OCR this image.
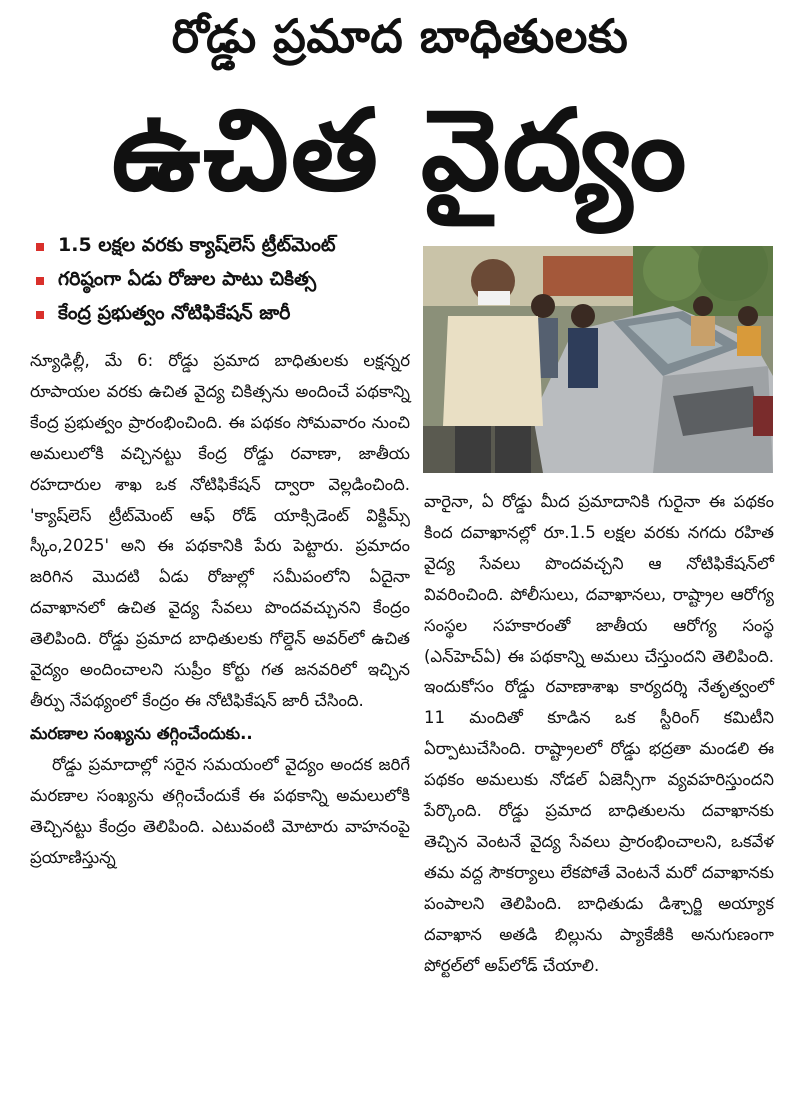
రోడ్డు ప్రమాద బాధితులకు
ఉచిత వైద్యం
1.5 లక్షల వరకు క్యాష్‌లెస్ ట్రీట్‌మెంట్
గరిష్ఠంగా ఏడు రోజుల పాటు చికిత్స
కేంద్ర ప్రభుత్వం నోటిఫికేషన్ జారీ

న్యూఢిల్లీ, మే 6: రోడ్డు ప్రమాద బాధితులకు లక్షన్నర రూపాయల వరకు ఉచిత వైద్య చికిత్సను అందించే పథకాన్ని కేంద్ర ప్రభుత్వం ప్రారంభించింది. ఈ పథకం సోమవారం నుంచి అమలులోకి వచ్చినట్టు కేంద్ర రోడ్డు రవాణా, జాతీయ రహదారుల శాఖ ఒక నోటిఫికేషన్ ద్వారా వెల్లడించింది. 'క్యాష్‌లెస్ ట్రీట్‌మెంట్ ఆఫ్ రోడ్ యాక్సిడెంట్ విక్టిమ్స్ స్కీం,2025' అని ఈ పథకానికి పేరు పెట్టారు. ప్రమాదం జరిగిన మొదటి ఏడు రోజుల్లో సమీపంలోని ఏదైనా దవాఖానలో ఉచిత వైద్య సేవలు పొందవచ్చునని కేంద్రం తెలిపింది. రోడ్డు ప్రమాద బాధితులకు గోల్డెన్ అవర్‌లో ఉచిత వైద్యం అందించాలని సుప్రీం కోర్టు గత జనవరిలో ఇచ్చిన తీర్పు నేపథ్యంలో కేంద్రం ఈ నోటిఫికేషన్ జారీ చేసింది.

మరణాల సంఖ్యను తగ్గించేందుకు..

రోడ్డు ప్రమాదాల్లో సరైన సమయంలో వైద్యం అందక జరిగే మరణాల సంఖ్యను తగ్గించేందుకే ఈ పథకాన్ని అమలులోకి తెచ్చినట్టు కేంద్రం తెలిపింది. ఎటువంటి మోటారు వాహనంపై ప్రయాణిస్తున్న

వారైనా, ఏ రోడ్డు మీద ప్రమాదానికి గురైనా ఈ పథకం కింద దవాఖానల్లో రూ.1.5 లక్షల వరకు నగదు రహిత వైద్య సేవలు పొందవచ్చని ఆ నోటిఫికేషన్‌లో వివరించింది. పోలీసులు, దవాఖానలు, రాష్ట్రాల ఆరోగ్య సంస్థల సహకారంతో జాతీయ ఆరోగ్య సంస్థ (ఎన్‌హెచ్ఏ) ఈ పథకాన్ని అమలు చేస్తుందని తెలిపింది. ఇందుకోసం రోడ్డు రవాణాశాఖ కార్యదర్శి నేతృత్వంలో 11 మందితో కూడిన ఒక స్టీరింగ్ కమిటీని ఏర్పాటుచేసింది. రాష్ట్రాలలో రోడ్డు భద్రతా మండలి ఈ పథకం అమలుకు నోడల్ ఏజెన్సీగా వ్యవహరిస్తుందని పేర్కొంది. రోడ్డు ప్రమాద బాధితులను దవాఖానకు తెచ్చిన వెంటనే వైద్య సేవలు ప్రారంభించాలని, ఒకవేళ తమ వద్ద సౌకర్యాలు లేకపోతే వెంటనే మరో దవాఖానకు పంపాలని తెలిపింది. బాధితుడు డిశ్చార్జి అయ్యాక దవాఖాన అతడి బిల్లును ప్యాకేజీకి అనుగుణంగా పోర్టల్‌లో అప్‌లోడ్ చేయాలి.
